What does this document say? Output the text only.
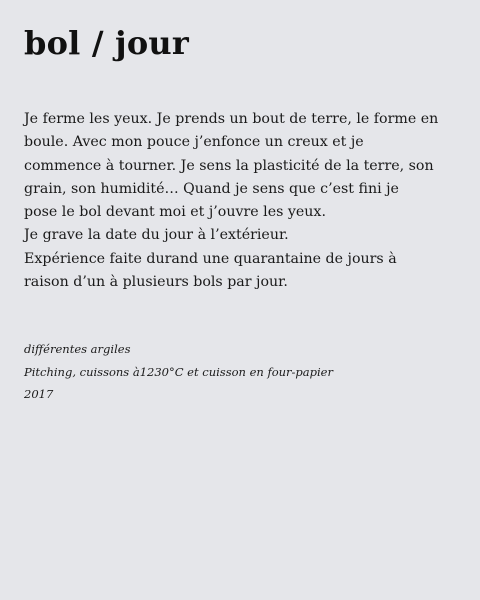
bol / jour

Je ferme les yeux. Je prends un bout de terre, le forme en
boule. Avec mon pouce j’enfonce un creux et je
commence à tourner. Je sens la plasticité de la terre, son
grain, son humidité… Quand je sens que c’est fini je
pose le bol devant moi et j’ouvre les yeux.
Je grave la date du jour à l’extérieur.
Expérience faite durand une quarantaine de jours à
raison d’un à plusieurs bols par jour.

différentes argiles
Pitching, cuissons à1230°C et cuisson en four-papier
2017
